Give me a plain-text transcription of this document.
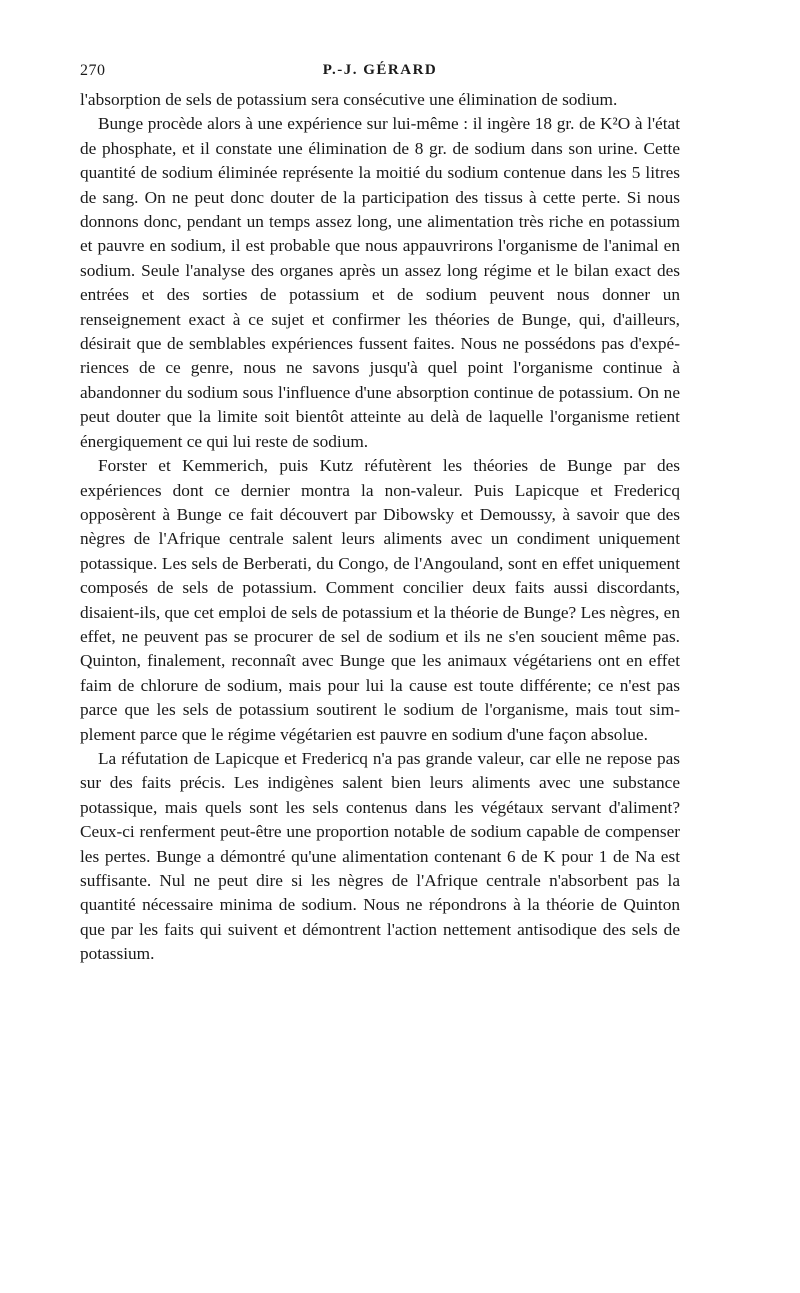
270	P.-J. GÉRARD

l'absorption de sels de potassium sera consécutive une élimination de sodium.

Bunge procède alors à une expérience sur lui-même : il ingère 18 gr. de K²O à l'état de phosphate, et il constate une élimination de 8 gr. de sodium dans son urine. Cette quantité de sodium éliminée représente la moitié du sodium contenue dans les 5 litres de sang. On ne peut donc douter de la participation des tissus à cette perte. Si nous donnons donc, pendant un temps assez long, une alimentation très riche en potassium et pauvre en sodium, il est probable que nous appauvrirons l'organisme de l'animal en sodium. Seule l'analyse des organes après un assez long régime et le bilan exact des entrées et des sorties de potassium et de sodium peuvent nous donner un renseignement exact à ce sujet et confirmer les théories de Bunge, qui, d'ailleurs, désirait que de semblables expériences fussent faites. Nous ne possédons pas d'expériences de ce genre, nous ne savons jusqu'à quel point l'organisme continue à abandonner du sodium sous l'influence d'une absorption continue de potassium. On ne peut douter que la limite soit bientôt atteinte au delà de laquelle l'organisme retient énergiquement ce qui lui reste de sodium.

Forster et Kemmerich, puis Kutz réfutèrent les théories de Bunge par des expériences dont ce dernier montra la non-valeur. Puis Lapicque et Fredericq opposèrent à Bunge ce fait découvert par Dibowsky et Demoussy, à savoir que des nègres de l'Afrique centrale salent leurs aliments avec un condiment uniquement potassique. Les sels de Berberati, du Congo, de l'Angouland, sont en effet uniquement composés de sels de potassium. Comment concilier deux faits aussi discordants, disaient-ils, que cet emploi de sels de potassium et la théorie de Bunge? Les nègres, en effet, ne peuvent pas se procurer de sel de sodium et ils ne s'en soucient même pas. Quinton, finalement, reconnaît avec Bunge que les animaux végétariens ont en effet faim de chlorure de sodium, mais pour lui la cause est toute différente; ce n'est pas parce que les sels de potassium soutirent le sodium de l'organisme, mais tout simplement parce que le régime végétarien est pauvre en sodium d'une façon absolue.

La réfutation de Lapicque et Fredericq n'a pas grande valeur, car elle ne repose pas sur des faits précis. Les indigènes salent bien leurs aliments avec une substance potassique, mais quels sont les sels contenus dans les végétaux servant d'aliment? Ceux-ci renferment peut-être une proportion notable de sodium capable de compenser les pertes. Bunge a démontré qu'une alimentation contenant 6 de K pour 1 de Na est suffisante. Nul ne peut dire si les nègres de l'Afrique centrale n'absorbent pas la quantité nécessaire minima de sodium. Nous ne répondrons à la théorie de Quinton que par les faits qui suivent et démontrent l'action nettement antisodique des sels de potassium.
